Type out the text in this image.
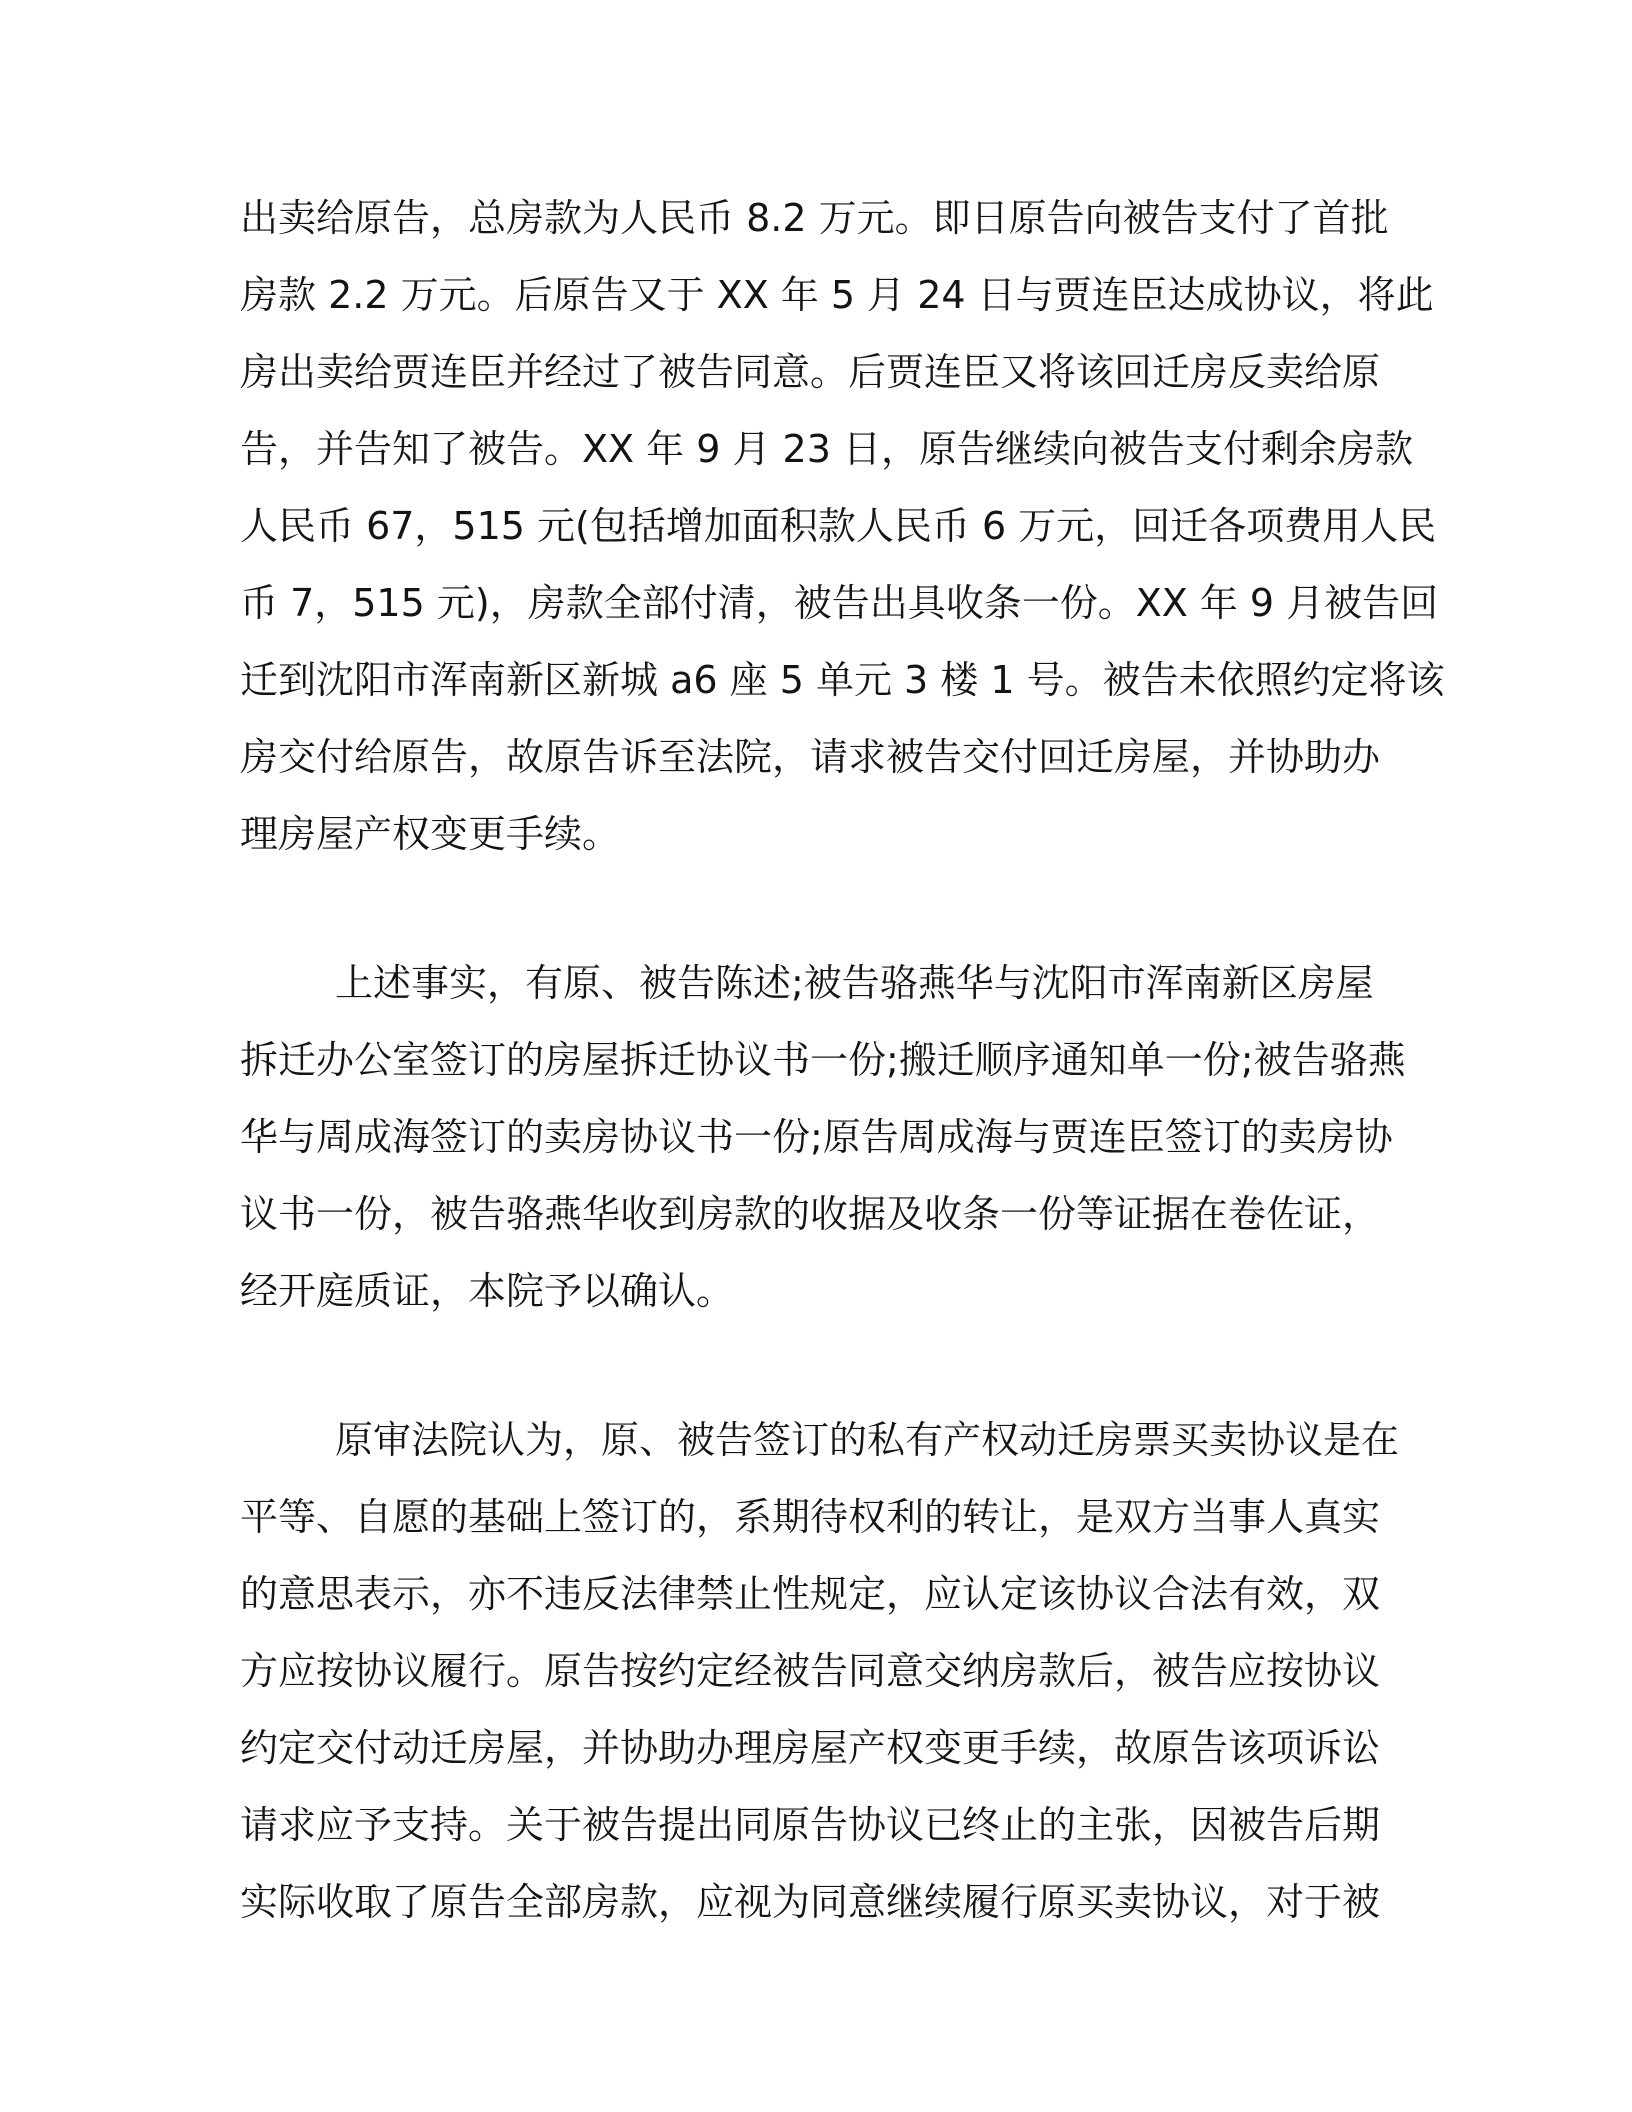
出卖给原告，总房款为人民币 8.2 万元。即日原告向被告支付了首批
房款 2.2 万元。后原告又于 XX 年 5 月 24 日与贾连臣达成协议，将此
房出卖给贾连臣并经过了被告同意。后贾连臣又将该回迁房反卖给原
告，并告知了被告。XX 年 9 月 23 日，原告继续向被告支付剩余房款
人民币 67，515 元(包括增加面积款人民币 6 万元，回迁各项费用人民
币 7，515 元)，房款全部付清，被告出具收条一份。XX 年 9 月被告回
迁到沈阳市浑南新区新城 a6 座 5 单元 3 楼 1 号。被告未依照约定将该
房交付给原告，故原告诉至法院，请求被告交付回迁房屋，并协助办
理房屋产权变更手续。
上述事实，有原、被告陈述;被告骆燕华与沈阳市浑南新区房屋
拆迁办公室签订的房屋拆迁协议书一份;搬迁顺序通知单一份;被告骆燕
华与周成海签订的卖房协议书一份;原告周成海与贾连臣签订的卖房协
议书一份，被告骆燕华收到房款的收据及收条一份等证据在卷佐证，
经开庭质证，本院予以确认。
原审法院认为，原、被告签订的私有产权动迁房票买卖协议是在
平等、自愿的基础上签订的，系期待权利的转让，是双方当事人真实
的意思表示，亦不违反法律禁止性规定，应认定该协议合法有效，双
方应按协议履行。原告按约定经被告同意交纳房款后，被告应按协议
约定交付动迁房屋，并协助办理房屋产权变更手续，故原告该项诉讼
请求应予支持。关于被告提出同原告协议已终止的主张，因被告后期
实际收取了原告全部房款，应视为同意继续履行原买卖协议，对于被
